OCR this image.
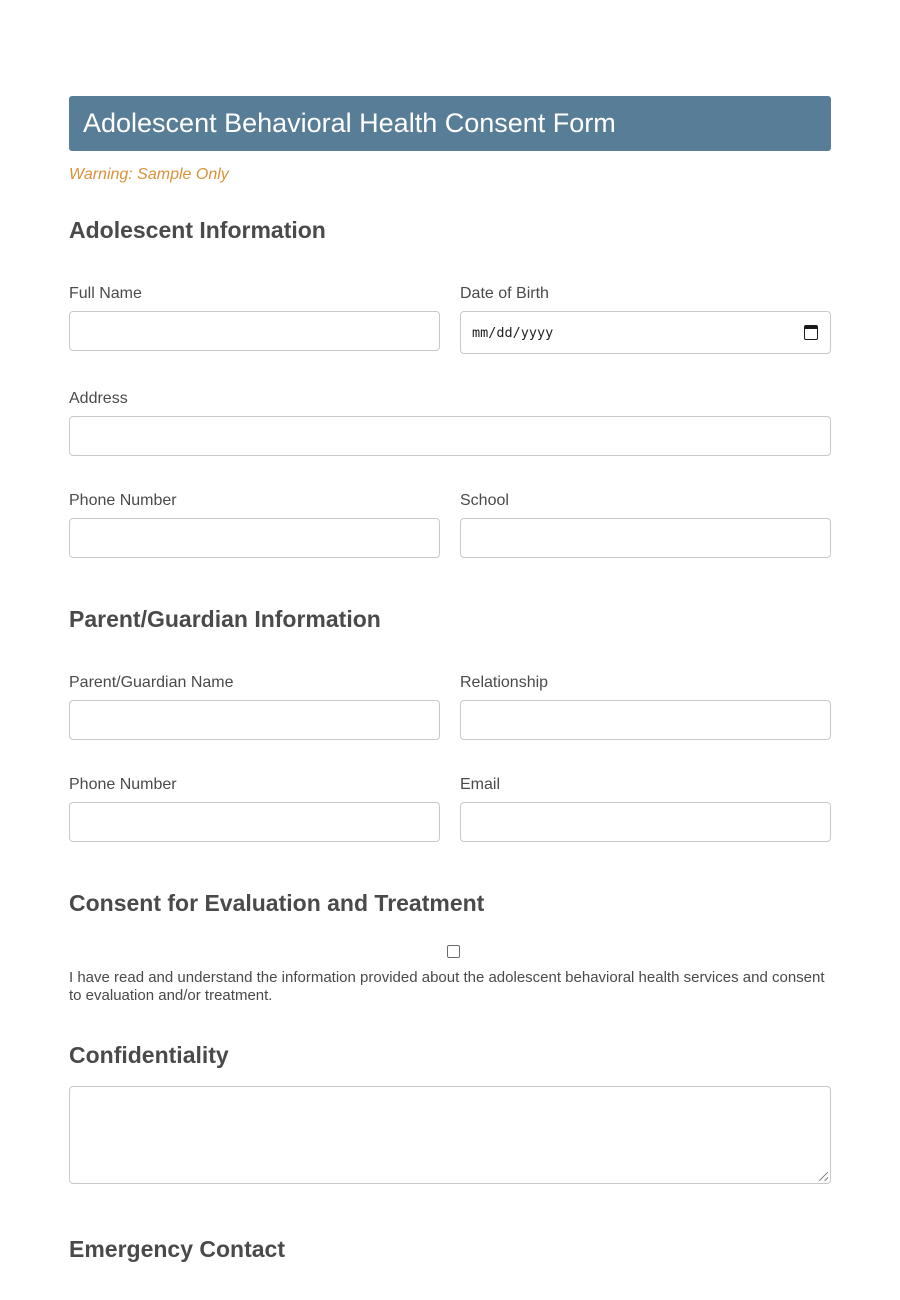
Adolescent Behavioral Health Consent Form
Warning: Sample Only
Adolescent Information
Full Name	Date of Birth
mm/dd/yyyy
Address
Phone Number	School
Parent/Guardian Information
Parent/Guardian Name	Relationship
Phone Number	Email
Consent for Evaluation and Treatment
I have read and understand the information provided about the adolescent behavioral health services and consent to evaluation and/or treatment.
Confidentiality
Emergency Contact
